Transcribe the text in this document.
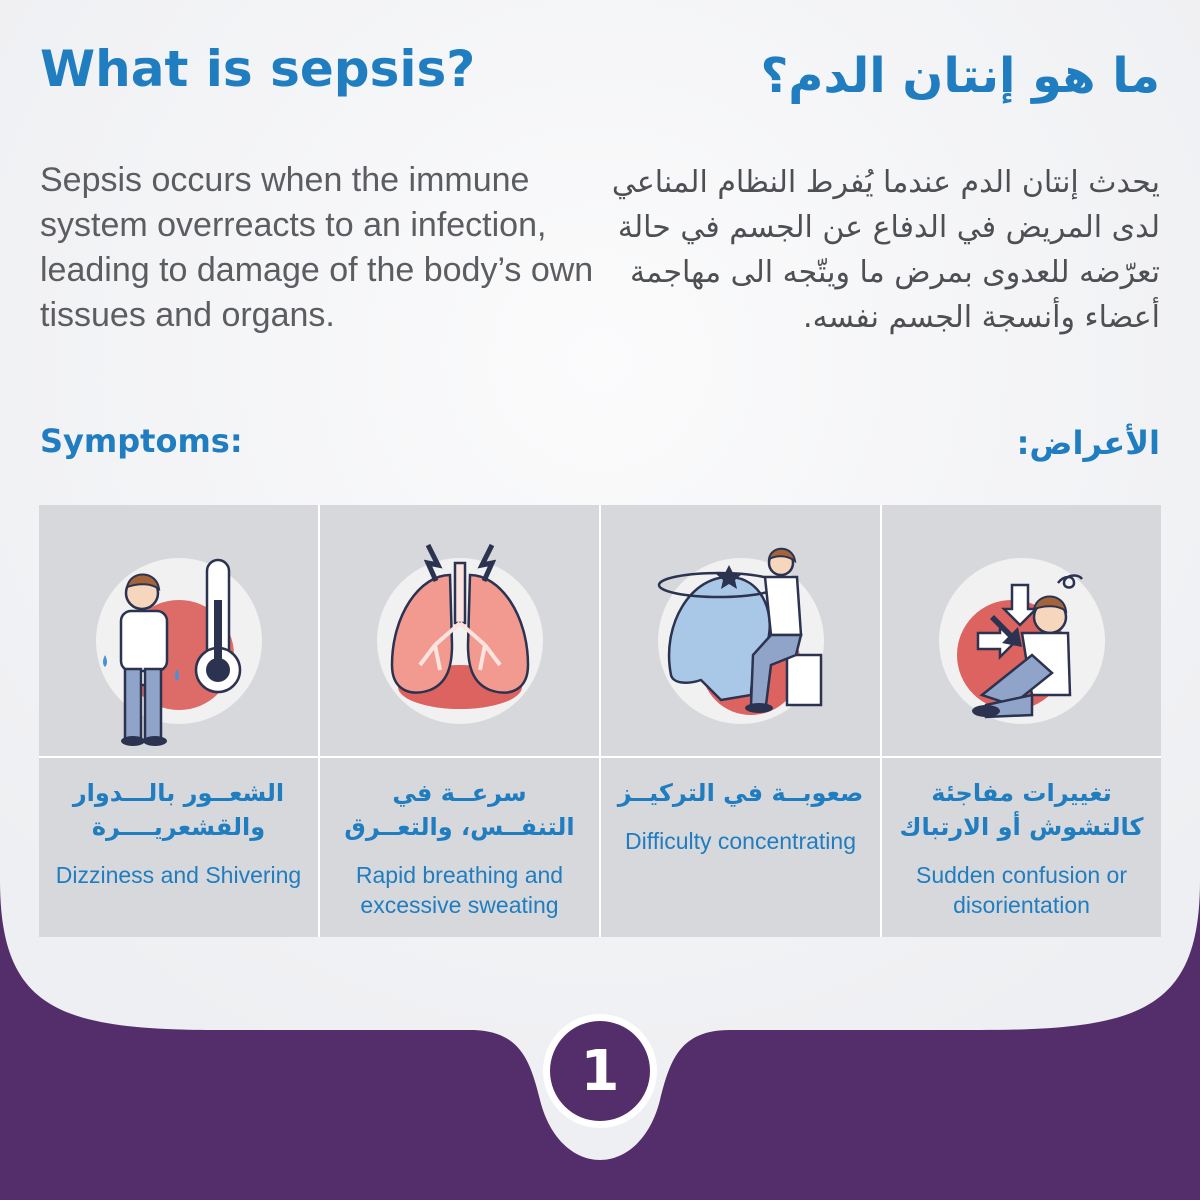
What is sepsis?	ما هو إنتان الدم؟

Sepsis occurs when the immune system overreacts to an infection, leading to damage of the body’s own tissues and organs.

يحدث إنتان الدم عندما يُفرط النظام المناعي لدى المريض في الدفاع عن الجسم في حالة تعرّضه للعدوى بمرض ما ويتّجه الى مهاجمة أعضاء وأنسجة الجسم نفسه.

Symptoms:	الأعراض:

الشعــور بالـــدوار والقشعريــــرة

Dizziness and Shivering

سرعــة في التنفــس، والتعــرق

Rapid breathing and excessive sweating

صعوبــة في التركيــز

Difficulty concentrating

تغييرات مفاجئة كالتشوش أو الارتباك

Sudden confusion or disorientation

1
